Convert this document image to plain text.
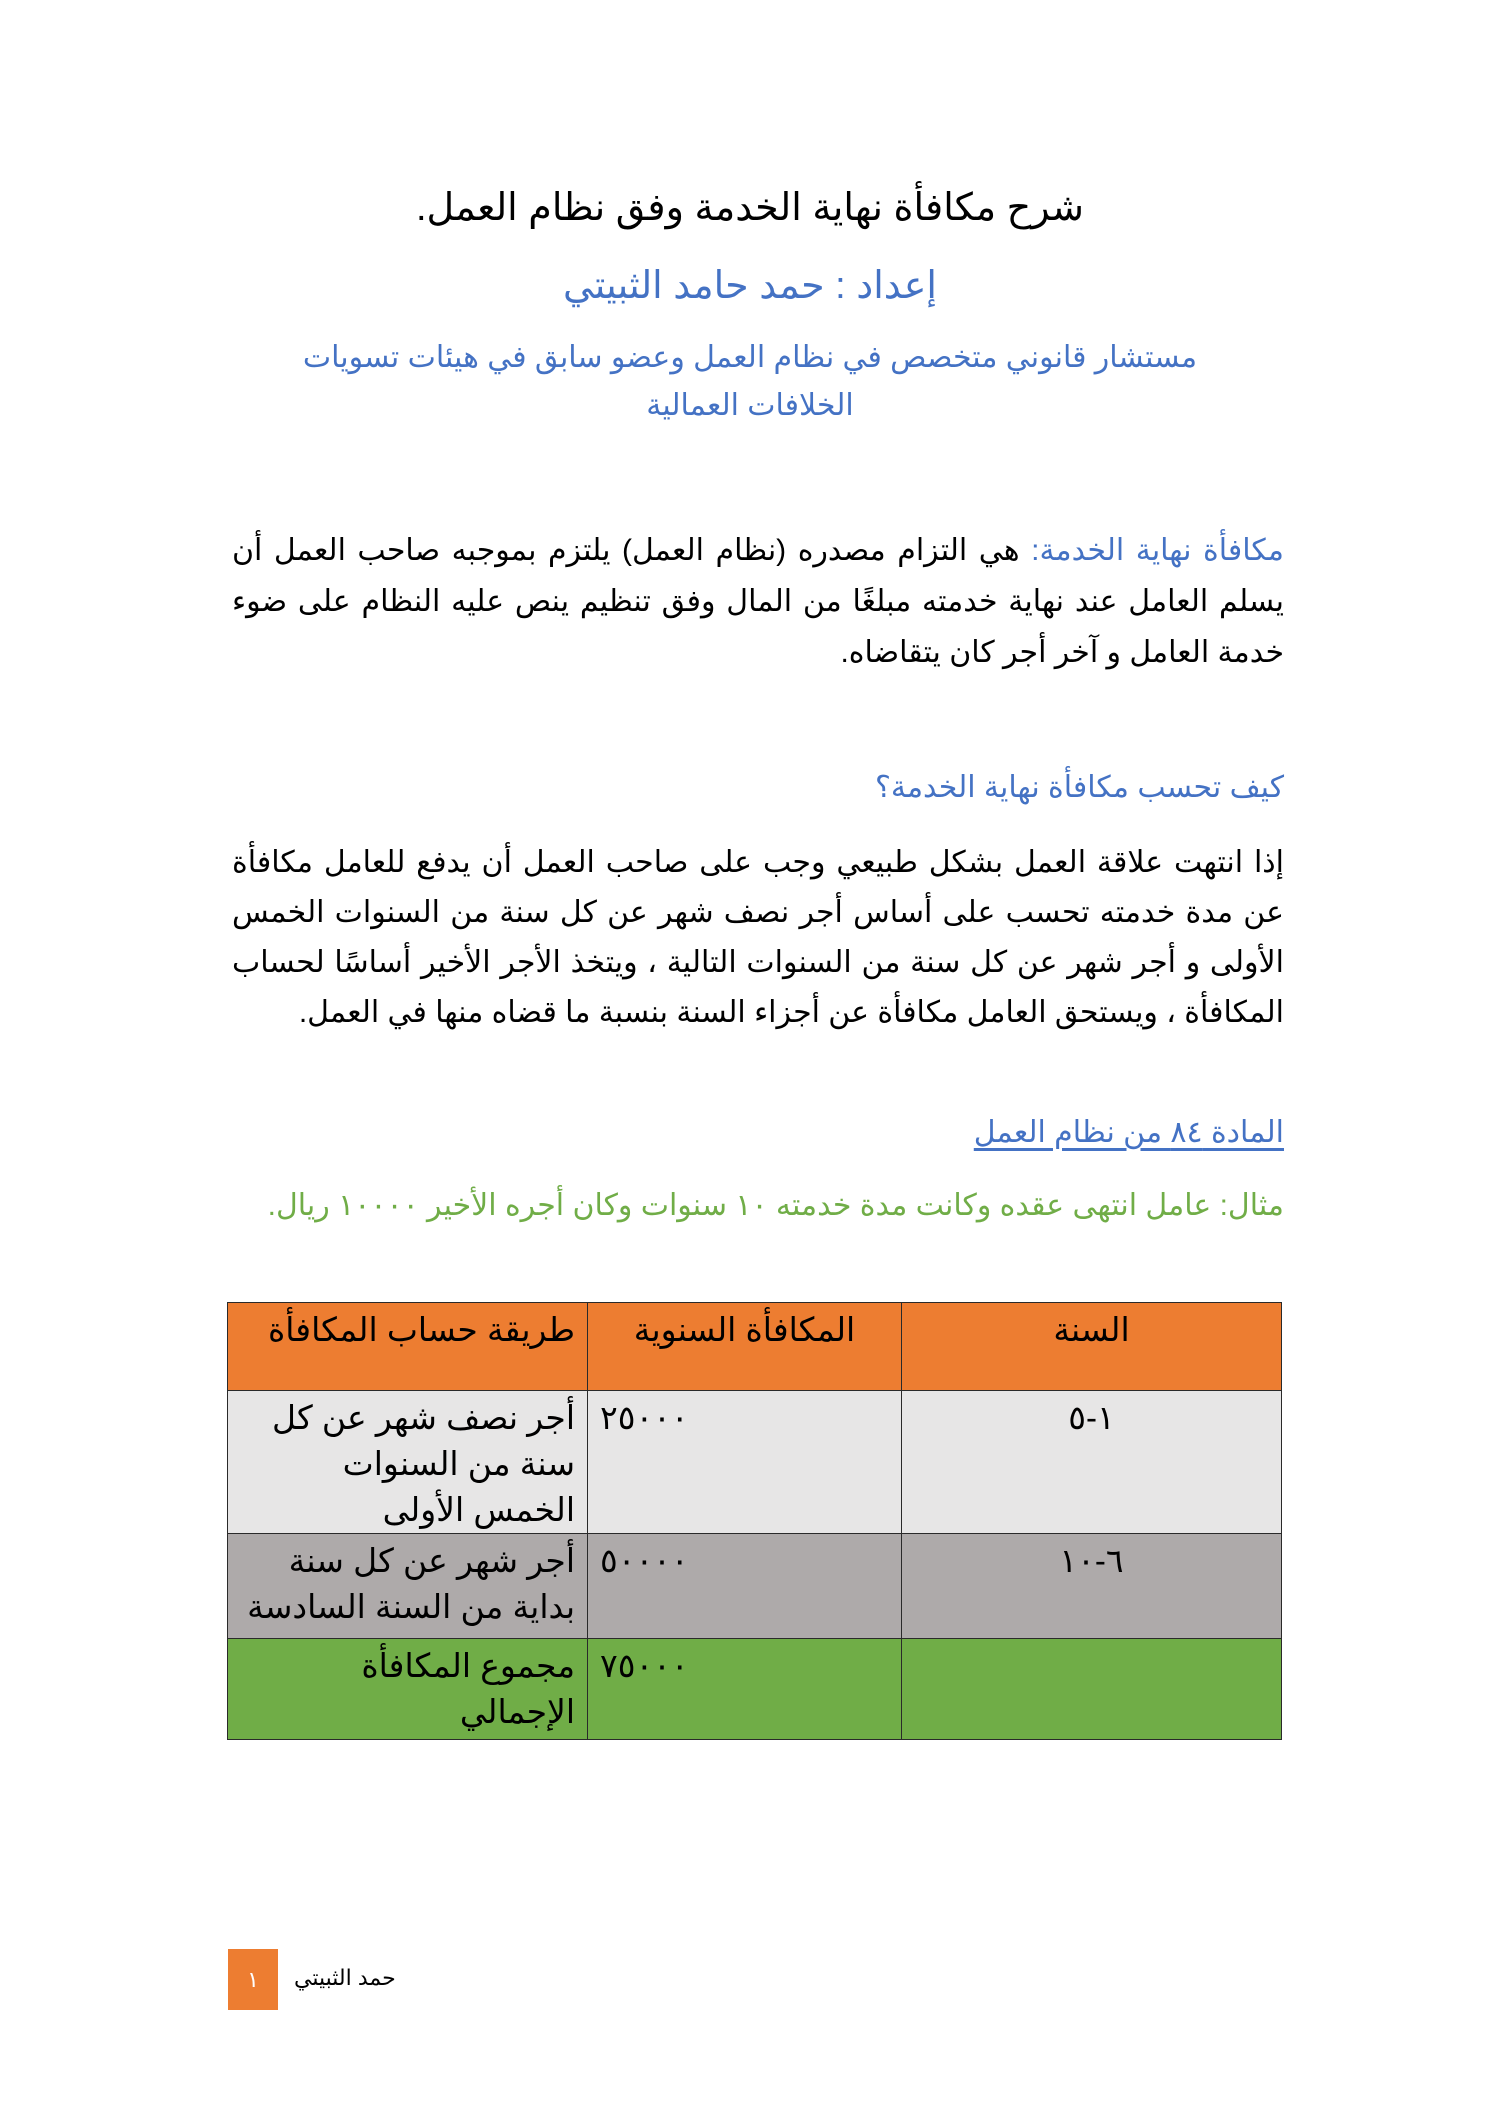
شرح مكافأة نهاية الخدمة وفق نظام العمل.
إعداد : حمد حامد الثبيتي
مستشار قانوني متخصص في نظام العمل وعضو سابق في هيئات تسويات الخلافات العمالية
مكافأة نهاية الخدمة: هي التزام مصدره (نظام العمل) يلتزم بموجبه صاحب العمل أن يسلم العامل عند نهاية خدمته مبلغًا من المال وفق تنظيم ينص عليه النظام على ضوء خدمة العامل و آخر أجر كان يتقاضاه.
كيف تحسب مكافأة نهاية الخدمة؟
إذا انتهت علاقة العمل بشكل طبيعي وجب على صاحب العمل أن يدفع للعامل مكافأة عن مدة خدمته تحسب على أساس أجر نصف شهر عن كل سنة من السنوات الخمس الأولى و أجر شهر عن كل سنة من السنوات التالية ، ويتخذ الأجر الأخير أساسًا لحساب المكافأة ، ويستحق العامل مكافأة عن أجزاء السنة بنسبة ما قضاه منها في العمل.
المادة ٨٤ من نظام العمل
مثال: عامل انتهى عقده وكانت مدة خدمته ١٠ سنوات وكان أجره الأخير ١٠٠٠٠ ريال.
السنة	المكافأة السنوية	طريقة حساب المكافأة
١-٥	٢٥٠٠٠	أجر نصف شهر عن كل سنة من السنوات الخمس الأولى
٦-١٠	٥٠٠٠٠	أجر شهر عن كل سنة بداية من السنة السادسة
	٧٥٠٠٠	مجموع المكافأة الإجمالي
١	حمد الثبيتي
